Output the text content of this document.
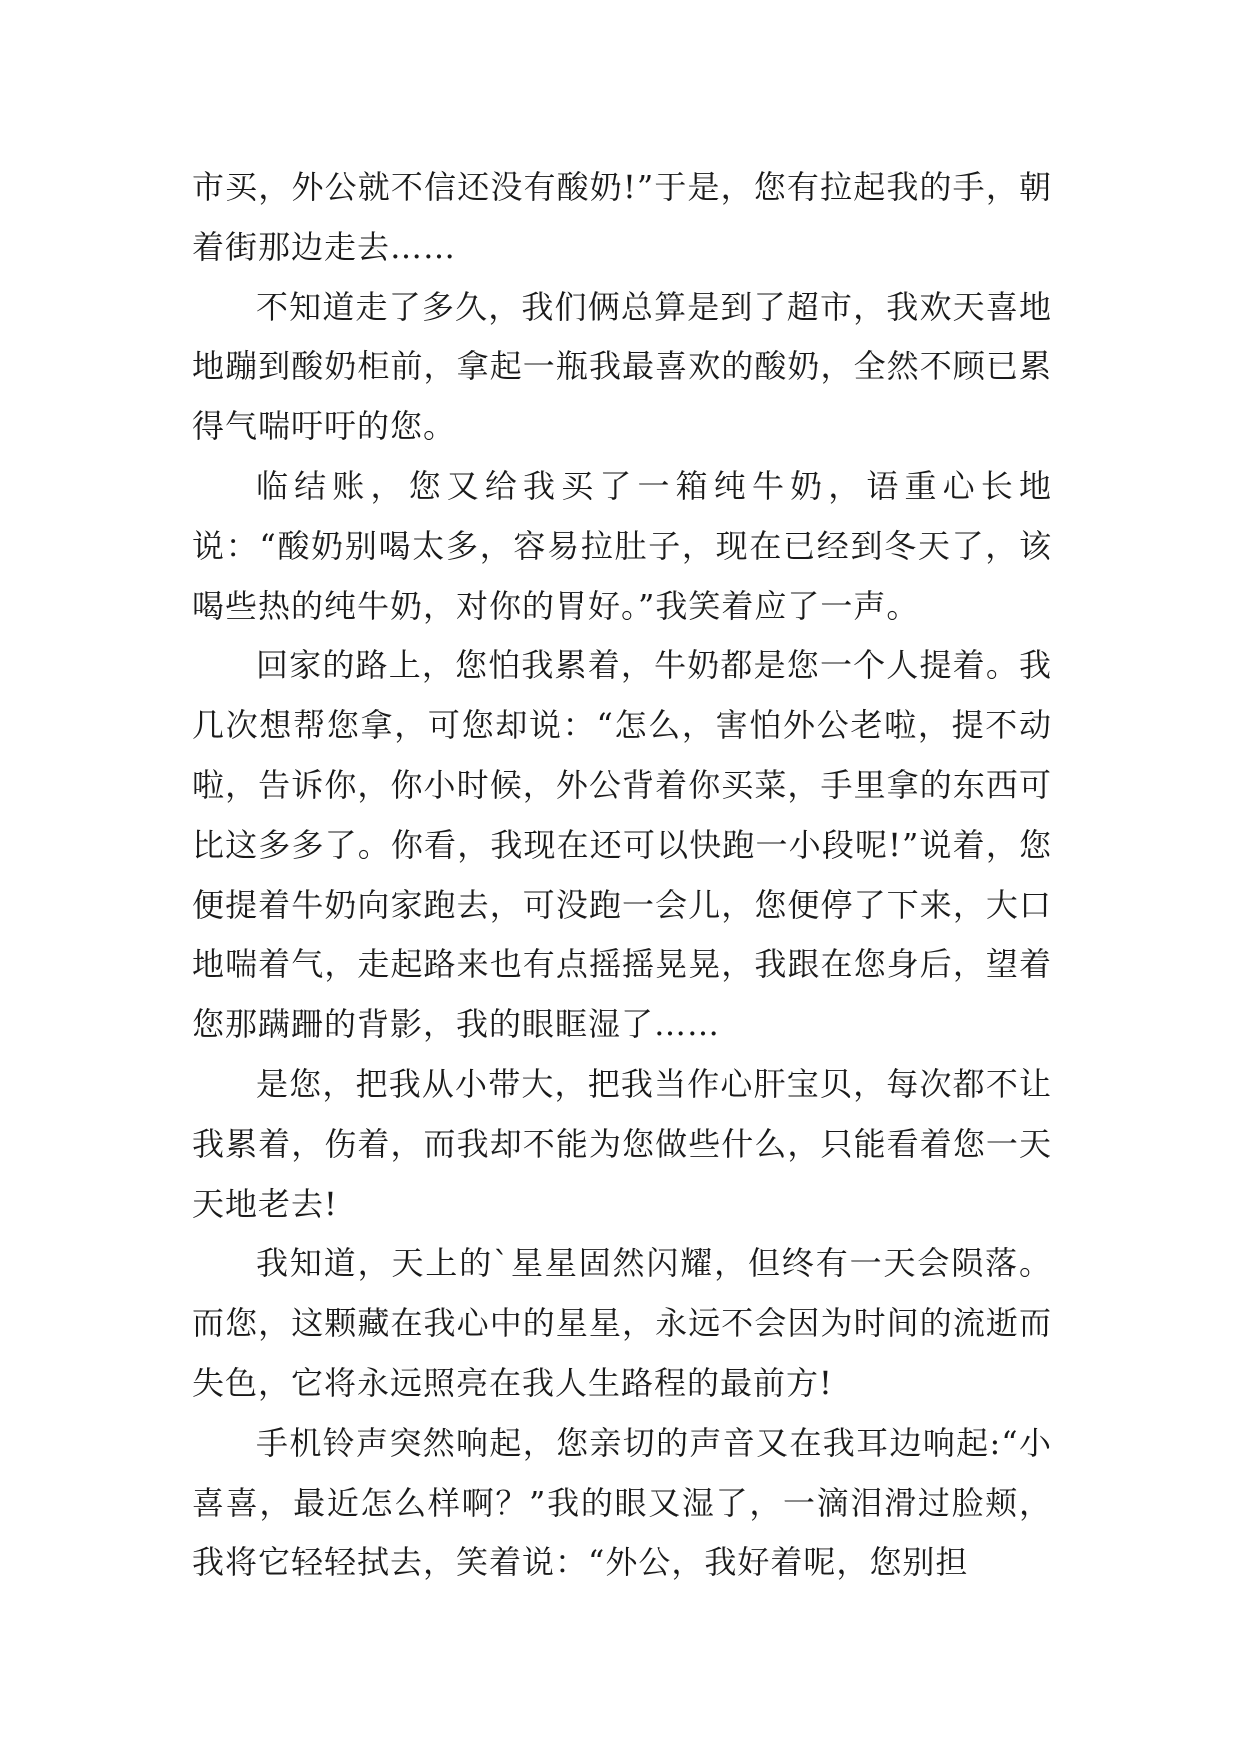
市买，外公就不信还没有酸奶!”于是，您有拉起我的手，朝着街那边走去……

不知道走了多久，我们俩总算是到了超市，我欢天喜地地蹦到酸奶柜前，拿起一瓶我最喜欢的酸奶，全然不顾已累得气喘吁吁的您。

临结账，您又给我买了一箱纯牛奶，语重心长地说：“酸奶别喝太多，容易拉肚子，现在已经到冬天了，该喝些热的纯牛奶，对你的胃好。”我笑着应了一声。

回家的路上，您怕我累着，牛奶都是您一个人提着。我几次想帮您拿，可您却说：“怎么，害怕外公老啦，提不动啦，告诉你，你小时候，外公背着你买菜，手里拿的东西可比这多多了。你看，我现在还可以快跑一小段呢!”说着，您便提着牛奶向家跑去，可没跑一会儿，您便停了下来，大口地喘着气，走起路来也有点摇摇晃晃，我跟在您身后，望着您那蹒跚的背影，我的眼眶湿了……

是您，把我从小带大，把我当作心肝宝贝，每次都不让我累着，伤着，而我却不能为您做些什么，只能看着您一天天地老去!

我知道，天上的`星星固然闪耀，但终有一天会陨落。而您，这颗藏在我心中的星星，永远不会因为时间的流逝而失色，它将永远照亮在我人生路程的最前方!

手机铃声突然响起，您亲切的声音又在我耳边响起:“小喜喜，最近怎么样啊？”我的眼又湿了，一滴泪滑过脸颊，我将它轻轻拭去，笑着说：“外公，我好着呢，您别担
